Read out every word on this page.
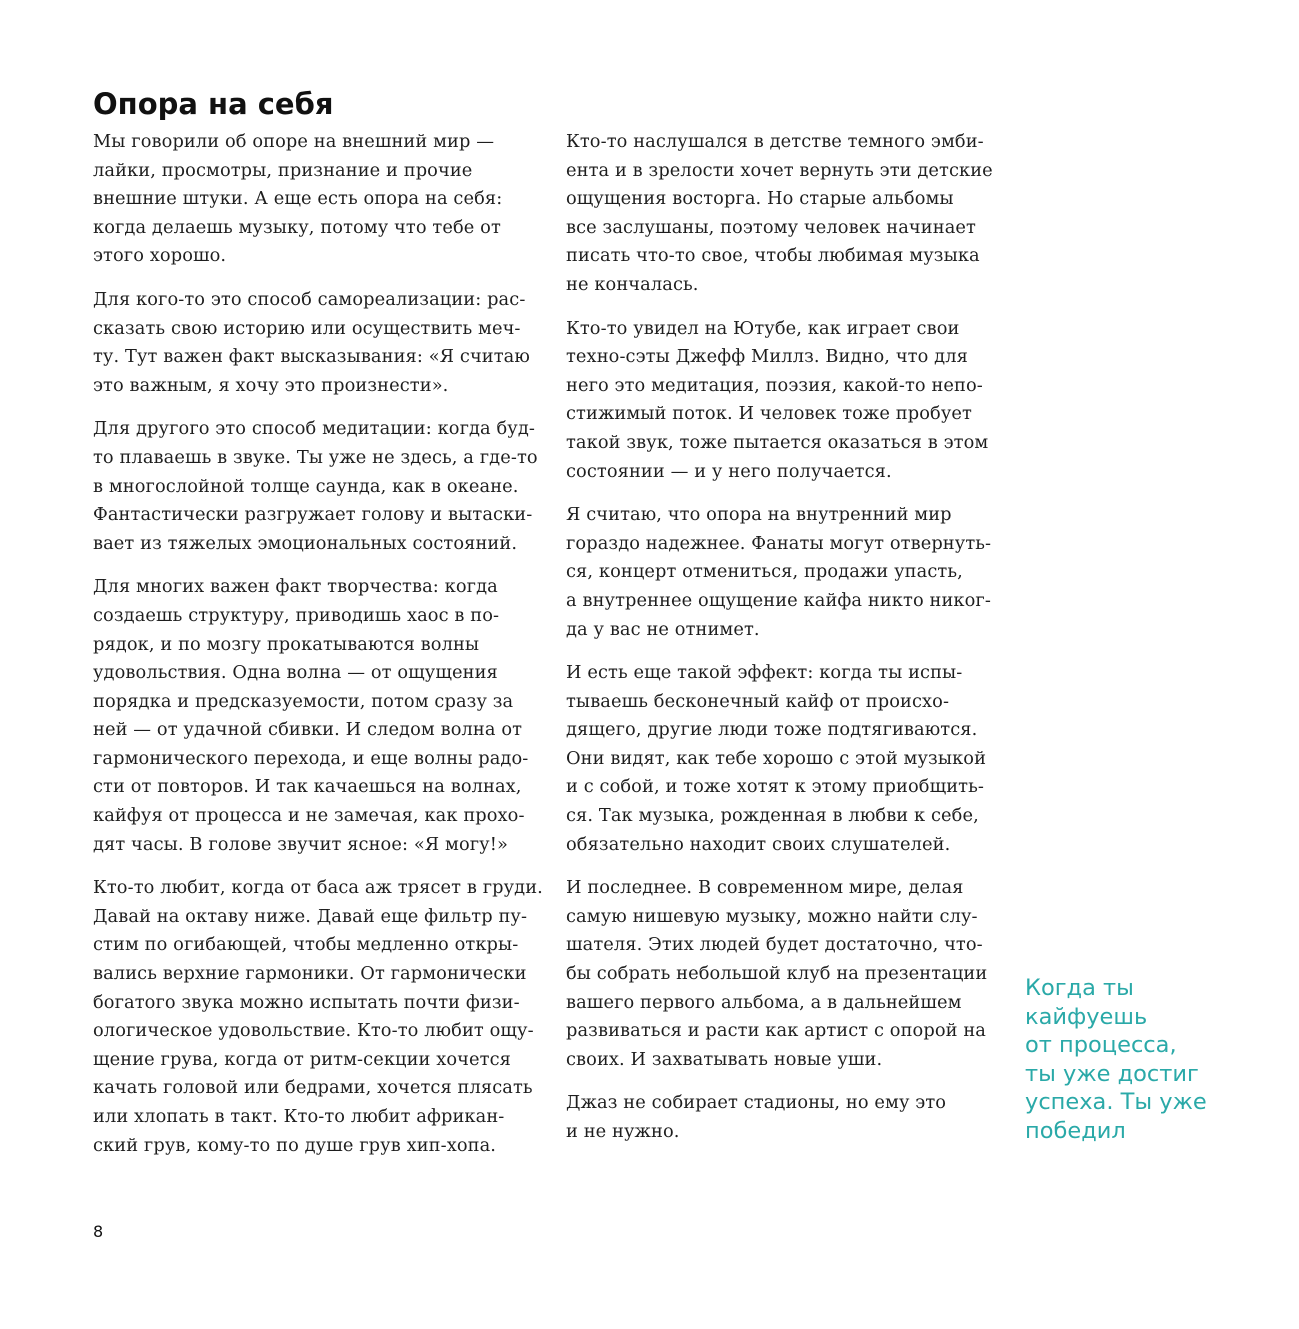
Опора на себя

Мы говорили об опоре на внешний мир —
лайки, просмотры, признание и прочие
внешние штуки. А еще есть опора на себя:
когда делаешь музыку, потому что тебе от
этого хорошо.

Для кого-то это способ самореализации: рас-
сказать свою историю или осуществить меч-
ту. Тут важен факт высказывания: «Я считаю
это важным, я хочу это произнести».

Для другого это способ медитации: когда буд-
то плаваешь в звуке. Ты уже не здесь, а где-то
в многослойной толще саунда, как в океане.
Фантастически разгружает голову и вытаски-
вает из тяжелых эмоциональных состояний.

Для многих важен факт творчества: когда
создаешь структуру, приводишь хаос в по-
рядок, и по мозгу прокатываются волны
удовольствия. Одна волна — от ощущения
порядка и предсказуемости, потом сразу за
ней — от удачной сбивки. И следом волна от
гармонического перехода, и еще волны радо-
сти от повторов. И так качаешься на волнах,
кайфуя от процесса и не замечая, как прохо-
дят часы. В голове звучит ясное: «Я могу!»

Кто-то любит, когда от баса аж трясет в груди.
Давай на октаву ниже. Давай еще фильтр пу-
стим по огибающей, чтобы медленно откры-
вались верхние гармоники. От гармонически
богатого звука можно испытать почти физи-
ологическое удовольствие. Кто-то любит ощу-
щение грува, когда от ритм-секции хочется
качать головой или бедрами, хочется плясать
или хлопать в такт. Кто-то любит африкан-
ский грув, кому-то по душе грув хип-хопа.

Кто-то наслушался в детстве темного эмби-
ента и в зрелости хочет вернуть эти детские
ощущения восторга. Но старые альбомы
все заслушаны, поэтому человек начинает
писать что-то свое, чтобы любимая музыка
не кончалась.

Кто-то увидел на Ютубе, как играет свои
техно-сэты Джефф Миллз. Видно, что для
него это медитация, поэзия, какой-то непо-
стижимый поток. И человек тоже пробует
такой звук, тоже пытается оказаться в этом
состоянии — и у него получается.

Я считаю, что опора на внутренний мир
гораздо надежнее. Фанаты могут отвернуть-
ся, концерт отмениться, продажи упасть,
а внутреннее ощущение кайфа никто никог-
да у вас не отнимет.

И есть еще такой эффект: когда ты испы-
тываешь бесконечный кайф от происхо-
дящего, другие люди тоже подтягиваются.
Они видят, как тебе хорошо с этой музыкой
и с собой, и тоже хотят к этому приобщить-
ся. Так музыка, рожденная в любви к себе,
обязательно находит своих слушателей.

И последнее. В современном мире, делая
самую нишевую музыку, можно найти слу-
шателя. Этих людей будет достаточно, что-
бы собрать небольшой клуб на презентации
вашего первого альбома, а в дальнейшем
развиваться и расти как артист с опорой на
своих. И захватывать новые уши.

Джаз не собирает стадионы, но ему это
и не нужно.

Когда ты
кайфуешь
от процесса,
ты уже достиг
успеха. Ты уже
победил
8
